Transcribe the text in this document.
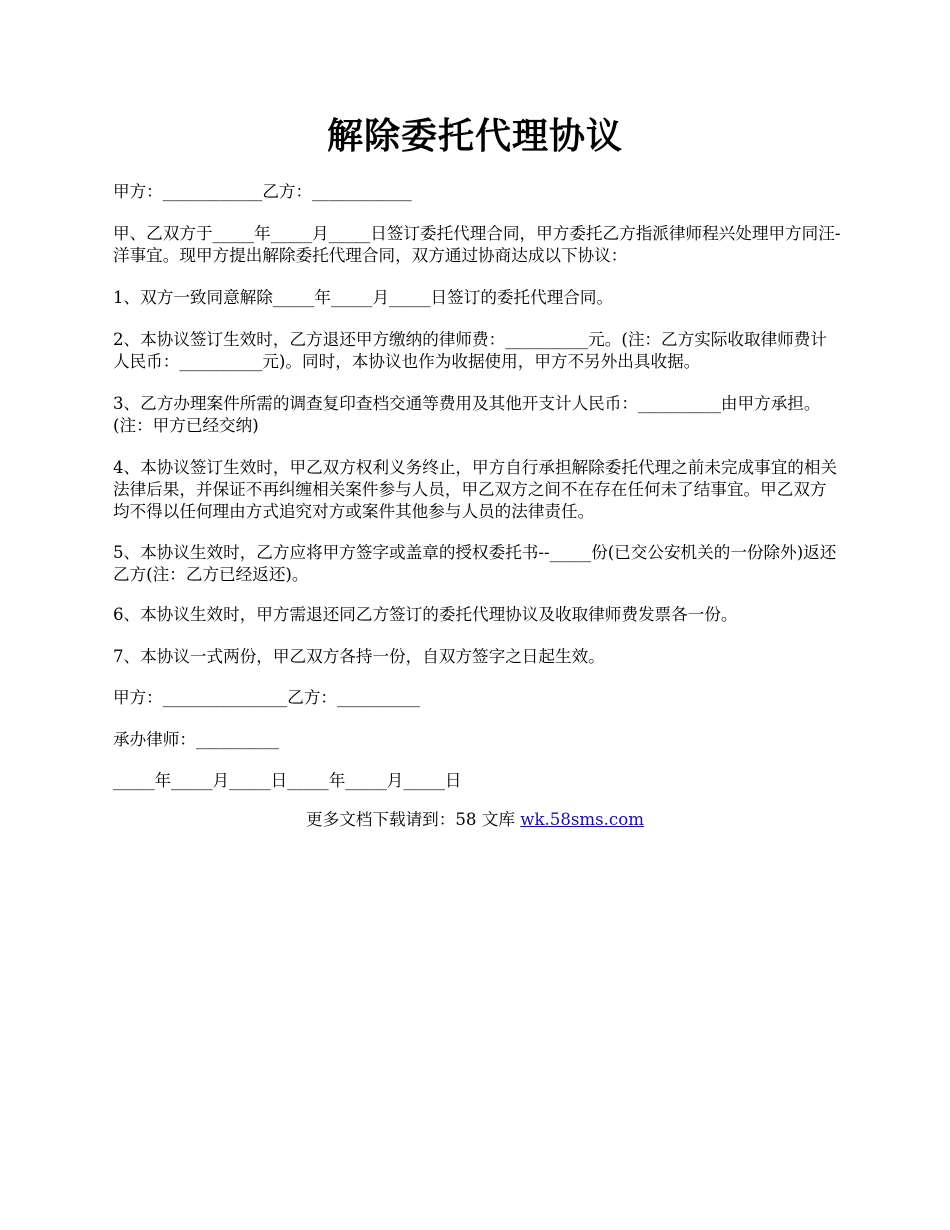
解除委托代理协议
甲方：____________乙方：____________
甲、乙双方于_____年_____月_____日签订委托代理合同，甲方委托乙方指派律师程兴处理甲方同汪-洋事宜。现甲方提出解除委托代理合同，双方通过协商达成以下协议：
1、双方一致同意解除_____年_____月_____日签订的委托代理合同。
2、本协议签订生效时，乙方退还甲方缴纳的律师费：__________元。(注：乙方实际收取律师费计人民币：__________元)。同时，本协议也作为收据使用，甲方不另外出具收据。
3、乙方办理案件所需的调查复印查档交通等费用及其他开支计人民币：__________由甲方承担。(注：甲方已经交纳)
4、本协议签订生效时，甲乙双方权利义务终止，甲方自行承担解除委托代理之前未完成事宜的相关法律后果，并保证不再纠缠相关案件参与人员，甲乙双方之间不在存在任何未了结事宜。甲乙双方均不得以任何理由方式追究对方或案件其他参与人员的法律责任。
5、本协议生效时，乙方应将甲方签字或盖章的授权委托书--_____份(已交公安机关的一份除外)返还乙方(注：乙方已经返还)。
6、本协议生效时，甲方需退还同乙方签订的委托代理协议及收取律师费发票各一份。
7、本协议一式两份，甲乙双方各持一份，自双方签字之日起生效。
甲方：_______________乙方：__________
承办律师：__________
_____年_____月_____日_____年_____月_____日
更多文档下载请到：58 文库 wk.58sms.com
